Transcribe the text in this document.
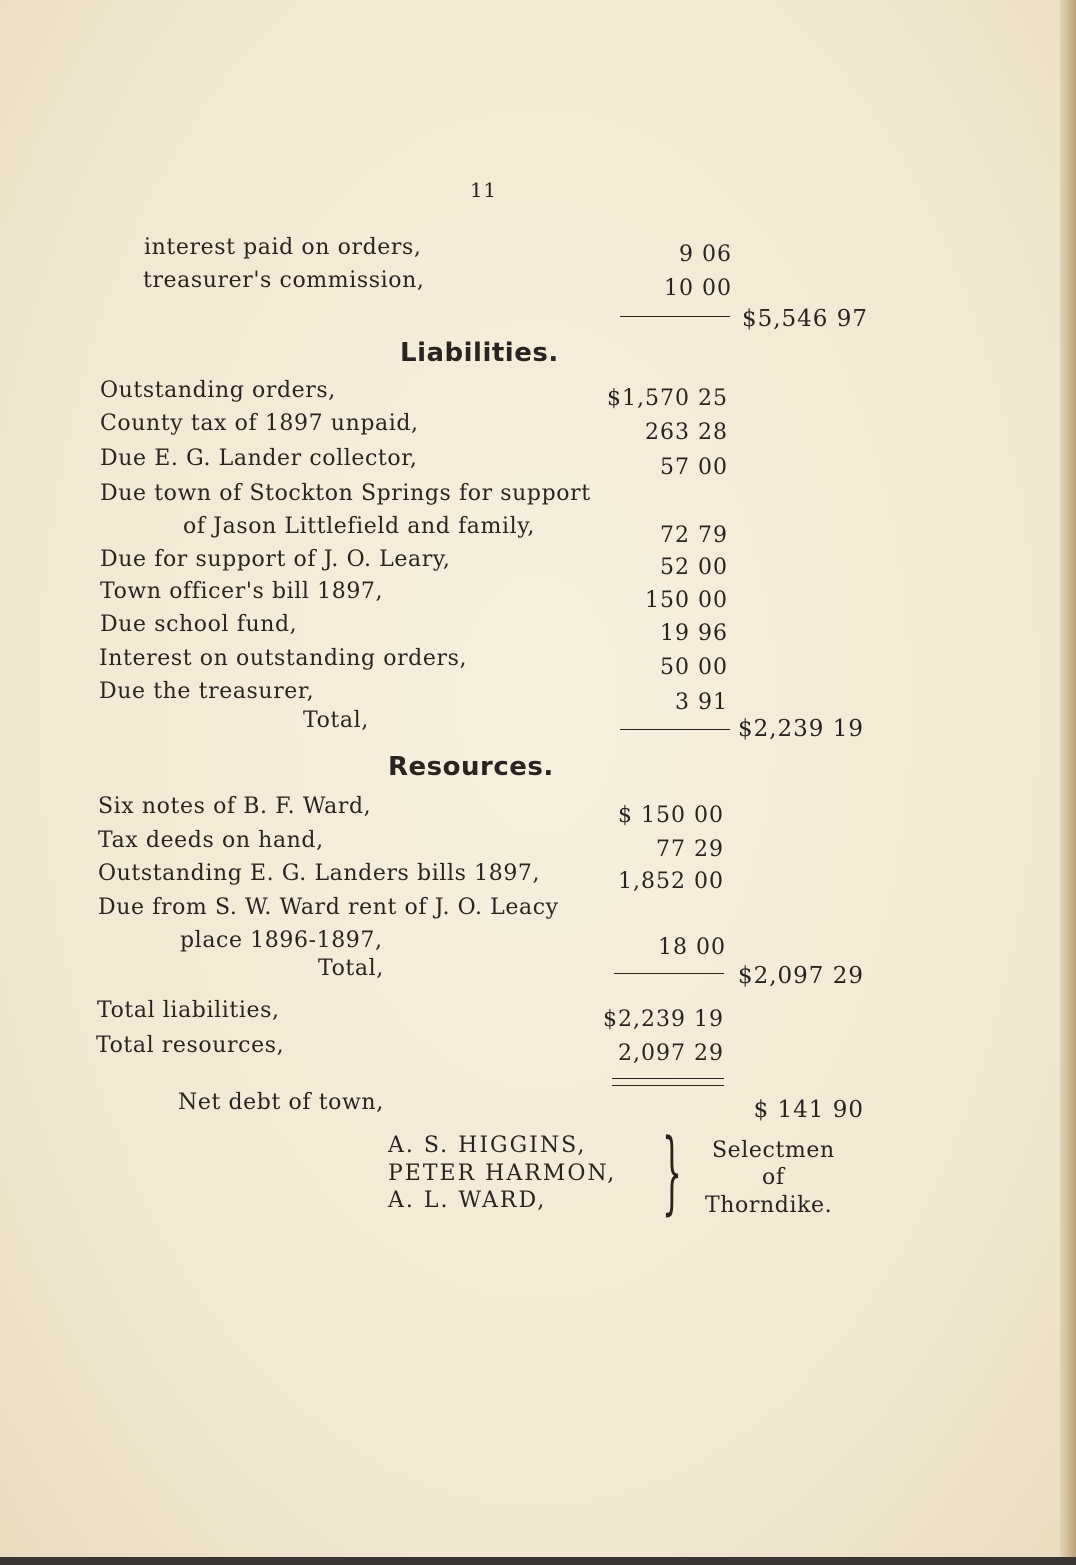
11
interest paid on orders,	9 06
treasurer's commission,	10 00
$5,546 97
Liabilities.
Outstanding orders,	$1,570 25
County tax of 1897 unpaid,	263 28
Due E. G. Lander collector,	57 00
Due town of Stockton Springs for support
of Jason Littlefield and family,	72 79
Due for support of J. O. Leary,	52 00
Town officer's bill 1897,	150 00
Due school fund,	19 96
Interest on outstanding orders,	50 00
Due the treasurer,	3 91
Total,	$2,239 19
Resources.
Six notes of B. F. Ward,	$ 150 00
Tax deeds on hand,	77 29
Outstanding E. G. Landers bills 1897,	1,852 00
Due from S. W. Ward rent of J. O. Leacy
place 1896-1897,	18 00
Total,	$2,097 29
Total liabilities,	$2,239 19
Total resources,	2,097 29
Net debt of town,	$ 141 90
A. S. HIGGINS,
PETER HARMON,
A. L. WARD, } Selectmen
of
Thorndike.
